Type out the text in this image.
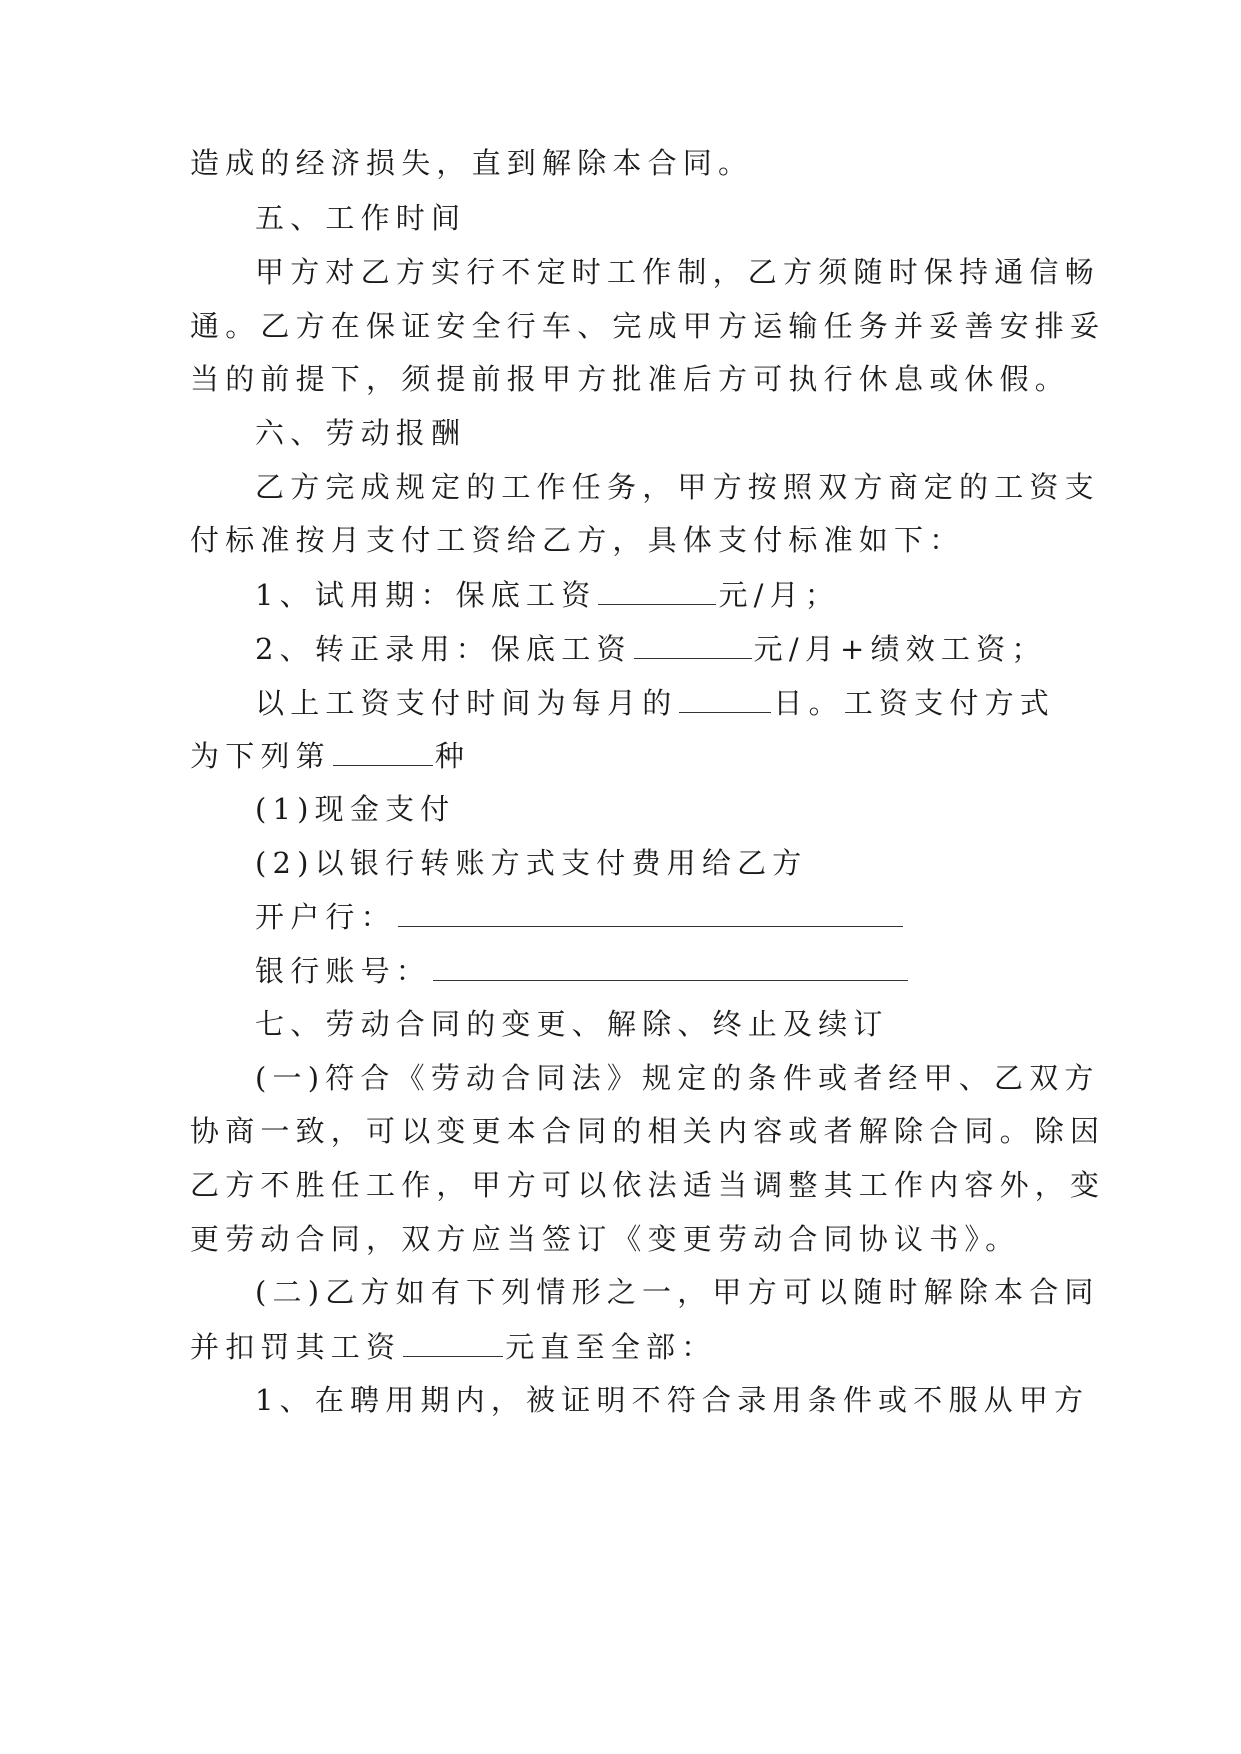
造成的经济损失，直到解除本合同。
五、工作时间
甲方对乙方实行不定时工作制，乙方须随时保持通信畅
通。乙方在保证安全行车、完成甲方运输任务并妥善安排妥
当的前提下，须提前报甲方批准后方可执行休息或休假。
六、劳动报酬
乙方完成规定的工作任务，甲方按照双方商定的工资支
付标准按月支付工资给乙方，具体支付标准如下：
1、试用期：保底工资	元/月；
2、转正录用：保底工资	元/月+绩效工资；
以上工资支付时间为每月的	日。工资支付方式
为下列第	种
(1)现金支付
(2)以银行转账方式支付费用给乙方
开户行：
银行账号：
七、劳动合同的变更、解除、终止及续订
(一)符合《劳动合同法》规定的条件或者经甲、乙双方
协商一致，可以变更本合同的相关内容或者解除合同。除因
乙方不胜任工作，甲方可以依法适当调整其工作内容外，变
更劳动合同，双方应当签订《变更劳动合同协议书》。
(二)乙方如有下列情形之一，甲方可以随时解除本合同
并扣罚其工资	元直至全部：
1、在聘用期内，被证明不符合录用条件或不服从甲方
